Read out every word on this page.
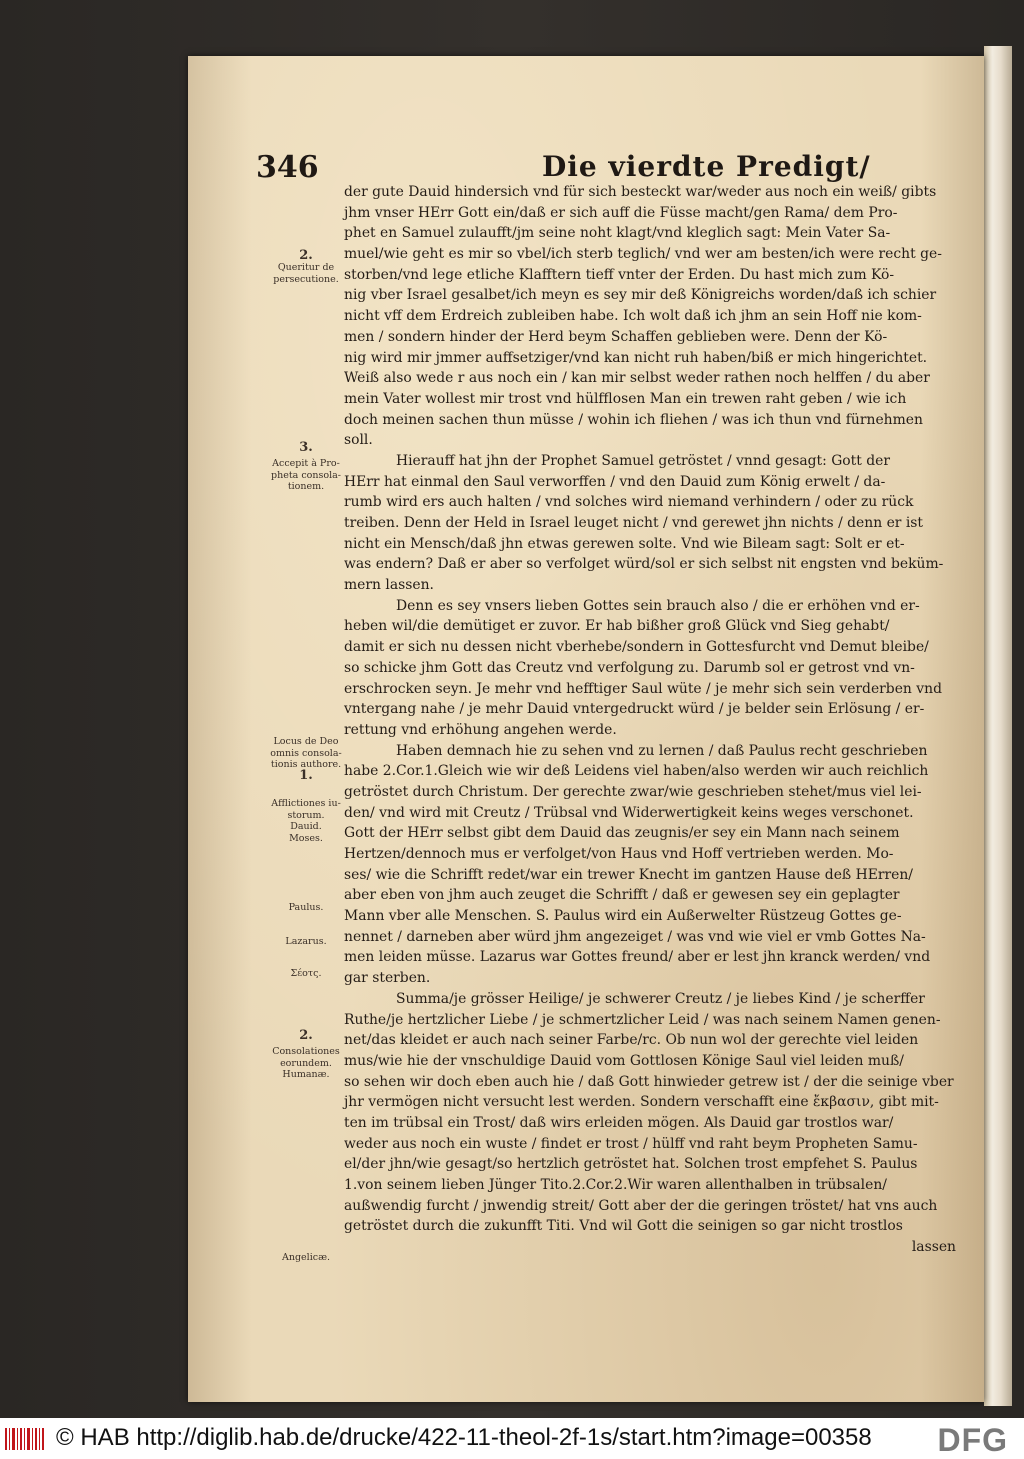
346	Die vierdte Predigt/
2.
Queritur de
persecutione.
3.
Accepit à Pro-
pheta consola-
tionem.
Locus de Deo
omnis consola-
tionis authore.
1.
Afflictiones iu-
storum.
Dauid.
Moses.
Paulus.
Lazarus.
Σέοτς.
2.
Consolationes
eorundem.
Humanæ.
Angelicæ.
der gute Dauid hindersich vnd für sich besteckt war/weder aus noch ein weiß/ gibts
jhm vnser HErr Gott ein/daß er sich auff die Füsse macht/gen Rama/ dem Pro-
phet en Samuel zulaufft/jm seine noht klagt/vnd kleglich sagt: Mein Vater Sa-
muel/wie geht es mir so vbel/ich sterb teglich/ vnd wer am besten/ich were recht ge-
storben/vnd lege etliche Klafftern tieff vnter der Erden. Du hast mich zum Kö-
nig vber Israel gesalbet/ich meyn es sey mir deß Königreichs worden/daß ich schier
nicht vff dem Erdreich zubleiben habe. Ich wolt daß ich jhm an sein Hoff nie kom-
men / sondern hinder der Herd beym Schaffen geblieben were. Denn der Kö-
nig wird mir jmmer auffsetziger/vnd kan nicht ruh haben/biß er mich hingerichtet.
Weiß also wede r aus noch ein / kan mir selbst weder rathen noch helffen / du aber
mein Vater wollest mir trost vnd hülfflosen Man ein trewen raht geben / wie ich
doch meinen sachen thun müsse / wohin ich fliehen / was ich thun vnd fürnehmen
soll.
Hierauff hat jhn der Prophet Samuel getröstet / vnnd gesagt: Gott der
HErr hat einmal den Saul verworffen / vnd den Dauid zum König erwelt / da-
rumb wird ers auch halten / vnd solches wird niemand verhindern / oder zu rück
treiben. Denn der Held in Israel leuget nicht / vnd gerewet jhn nichts / denn er ist
nicht ein Mensch/daß jhn etwas gerewen solte. Vnd wie Bileam sagt: Solt er et-
was endern? Daß er aber so verfolget würd/sol er sich selbst nit engsten vnd beküm-
mern lassen.
Denn es sey vnsers lieben Gottes sein brauch also / die er erhöhen vnd er-
heben wil/die demütiget er zuvor. Er hab bißher groß Glück vnd Sieg gehabt/
damit er sich nu dessen nicht vberhebe/sondern in Gottesfurcht vnd Demut bleibe/
so schicke jhm Gott das Creutz vnd verfolgung zu. Darumb sol er getrost vnd vn-
erschrocken seyn. Je mehr vnd hefftiger Saul wüte / je mehr sich sein verderben vnd
vntergang nahe / je mehr Dauid vntergedruckt würd / je belder sein Erlösung / er-
rettung vnd erhöhung angehen werde.
Haben demnach hie zu sehen vnd zu lernen / daß Paulus recht geschrieben
habe 2.Cor.1.Gleich wie wir deß Leidens viel haben/also werden wir auch reichlich
getröstet durch Christum. Der gerechte zwar/wie geschrieben stehet/mus viel lei-
den/ vnd wird mit Creutz / Trübsal vnd Widerwertigkeit keins weges verschonet.
Gott der HErr selbst gibt dem Dauid das zeugnis/er sey ein Mann nach seinem
Hertzen/dennoch mus er verfolget/von Haus vnd Hoff vertrieben werden. Mo-
ses/ wie die Schrifft redet/war ein trewer Knecht im gantzen Hause deß HErren/
aber eben von jhm auch zeuget die Schrifft / daß er gewesen sey ein geplagter
Mann vber alle Menschen. S. Paulus wird ein Außerwelter Rüstzeug Gottes ge-
nennet / darneben aber würd jhm angezeiget / was vnd wie viel er vmb Gottes Na-
men leiden müsse. Lazarus war Gottes freund/ aber er lest jhn kranck werden/ vnd
gar sterben.
Summa/je grösser Heilige/ je schwerer Creutz / je liebes Kind / je scherffer
Ruthe/je hertzlicher Liebe / je schmertzlicher Leid / was nach seinem Namen genen-
net/das kleidet er auch nach seiner Farbe/rc. Ob nun wol der gerechte viel leiden
mus/wie hie der vnschuldige Dauid vom Gottlosen Könige Saul viel leiden muß/
so sehen wir doch eben auch hie / daß Gott hinwieder getrew ist / der die seinige vber
jhr vermögen nicht versucht lest werden. Sondern verschafft eine ἔκβασιν, gibt mit-
ten im trübsal ein Trost/ daß wirs erleiden mögen. Als Dauid gar trostlos war/
weder aus noch ein wuste / findet er trost / hülff vnd raht beym Propheten Samu-
el/der jhn/wie gesagt/so hertzlich getröstet hat. Solchen trost empfehet S. Paulus
1.von seinem lieben Jünger Tito.2.Cor.2.Wir waren allenthalben in trübsalen/
außwendig furcht / jnwendig streit/ Gott aber der die geringen tröstet/ hat vns auch
getröstet durch die zukunfft Titi. Vnd wil Gott die seinigen so gar nicht trostlos
lassen
© HAB http://diglib.hab.de/drucke/422-11-theol-2f-1s/start.htm?image=00358 DFG
